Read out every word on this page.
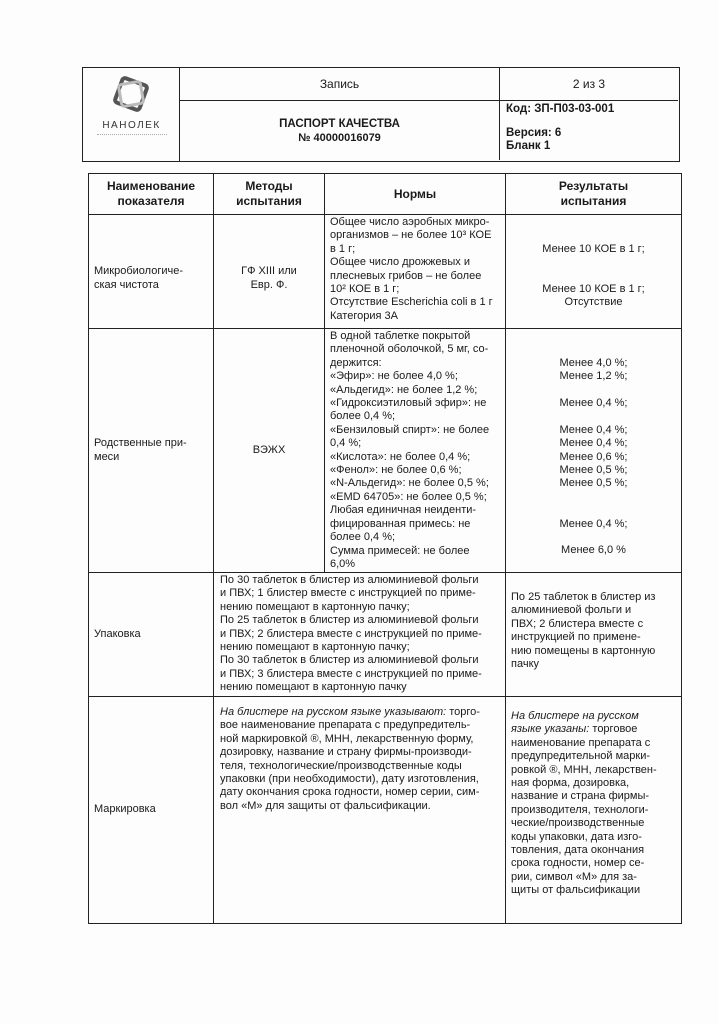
НАНОЛЕК
Запись
ПАСПОРТ КАЧЕСТВА
№ 40000016079
2 из 3
Код: ЗП-П03-03-001
Версия: 6
Бланк 1
Наименование
показателя
Методы
испытания
Нормы
Результаты
испытания
Микробиологиче-
ская чистота
ГФ XIII или
Евр. Ф.
Общее число аэробных микро-
организмов – не более 10³ КОЕ
в 1 г;
Общее число дрожжевых и
плесневых грибов – не более
10² КОЕ в 1 г;
Отсутствие Escherichia coli в 1 г
Категория 3А
Менее 10 КОЕ в 1 г;
Менее 10 КОЕ в 1 г;
Отсутствие
Родственные при-
меси
ВЭЖХ
В одной таблетке покрытой
пленочной оболочкой, 5 мг, со-
держится:
«Эфир»: не более 4,0 %;
«Альдегид»: не более 1,2 %;
«Гидроксиэтиловый эфир»: не
более 0,4 %;
«Бензиловый спирт»: не более
0,4 %;
«Кислота»: не более 0,4 %;
«Фенол»: не более 0,6 %;
«N-Альдегид»: не более 0,5 %;
«EMD 64705»: не более 0,5 %;
Любая единичная неиденти-
фицированная примесь: не
более 0,4 %;
Сумма примесей: не более
6,0%
Менее 4,0 %;
Менее 1,2 %;
Менее 0,4 %;
Менее 0,4 %;
Менее 0,4 %;
Менее 0,6 %;
Менее 0,5 %;
Менее 0,5 %;
Менее 0,4 %;
Менее 6,0 %
Упаковка
По 30 таблеток в блистер из алюминиевой фольги
и ПВХ; 1 блистер вместе с инструкцией по приме-
нению помещают в картонную пачку;
По 25 таблеток в блистер из алюминиевой фольги
и ПВХ; 2 блистера вместе с инструкцией по приме-
нению помещают в картонную пачку;
По 30 таблеток в блистер из алюминиевой фольги
и ПВХ; 3 блистера вместе с инструкцией по приме-
нению помещают в картонную пачку
По 25 таблеток в блистер из
алюминиевой фольги и
ПВХ; 2 блистера вместе с
инструкцией по примене-
нию помещены в картонную
пачку
Маркировка
На блистере на русском языке указывают: торго-
вое наименование препарата с предупредитель-
ной маркировкой ®, МНН, лекарственную форму,
дозировку, название и страну фирмы-производи-
теля, технологические/производственные коды
упаковки (при необходимости), дату изготовления,
дату окончания срока годности, номер серии, сим-
вол «М» для защиты от фальсификации.
На блистере на русском
языке указаны: торговое
наименование препарата с
предупредительной марки-
ровкой ®, МНН, лекарствен-
ная форма, дозировка,
название и страна фирмы-
производителя, технологи-
ческие/производственные
коды упаковки, дата изго-
товления, дата окончания
срока годности, номер се-
рии, символ «М» для за-
щиты от фальсификации
